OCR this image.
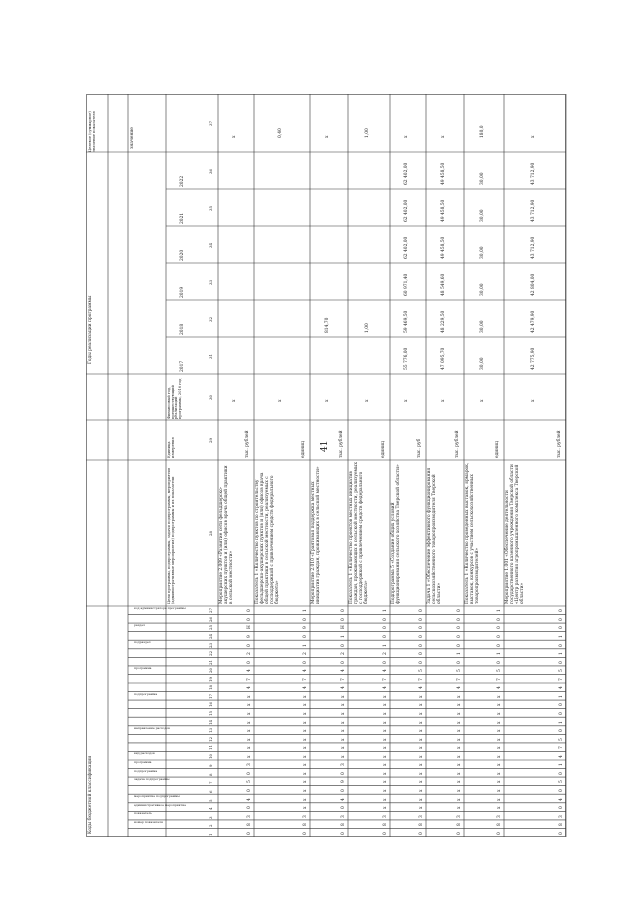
41
Коды бюджетной классификации
Годы реализации программы
Целевое (суммарное) значение показателя	значение
Цели программы, подпрограммы, задачи подпрограммы, мероприятия (административные мероприятия) подпрограммы и их показатели
Единица измерения
Финансовый год, предшествующий реализации программы, 2016 год
2017
2018
2019
2020
2021
2022
код администратора программы
раздел
подраздел
программа
подпрограмма
направление расходов
вид расходов
программа
подпрограмма
задача подпрограммы
мероприятие подпрограммы
административное мероприятие
показатель
номер показателя
1
2
3
4
5
6
7
8
9
10
11
12
13
14
15
16
17
18
19
20
21
22
23
24
25
26
27
28
29
30
31
32
33
34
35
36
37
0
8
3
0
4
0
5
0
3
х
х
х
х
х
х
х
х
4
7
4
0
2
0
9
Н
0
0
Мероприятие 2.009 «Развитие сети фельдшерско-акушерских пунктов и (или) офисов врача общей практики в сельской местности»
тыс. рублей
х
х
0
8
3
х
х
х
х
х
х
х
х
х
х
х
х
х
х
4
7
4
0
2
1
0
9
0
1
Показатель 1 «Количество пунктов по строительству фельдшерско-акушерских пунктов и (или) офисов врача общей практики в сельской местности, реализуемых с господдержкой с привлечением средств федерального бюджета»
единиц
х
0,40
0
8
3
0
4
0
9
0
3
х
х
х
х
х
х
х
х
4
7
4
0
2
0
1
Н
0
0
Мероприятие 2.010 «Грантовая поддержка местных инициатив граждан, проживающих в сельской местности»
тыс. рублей
х
814,70
х
0
8
3
х
х
х
х
х
х
х
х
х
х
х
х
х
х
4
7
4
0
2
1
0
0
0
1
Показатель 1 «Количество проектов местных инициатив граждан, проживающих в сельской местности, реализуемых с господдержкой с привлечением средств федерального бюджета»
единиц
х
1,00
1,00
0
8
3
х
х
х
х
х
х
х
х
х
х
х
х
х
х
4
7
5
0
0
0
0
0
0
0
Подпрограмма 5 «Создание общих условий функционирования сельского хозяйства Тверской области»
тыс. руб
х
55 776,00
59 469,50
60 971,40
62 402,00
62 402,00
62 402,00
х
0
8
3
х
х
х
х
х
х
х
х
х
х
х
х
х
х
4
7
5
0
1
0
0
0
0
0
Задача 1 «Обеспечение эффективного функционирования сельскохозяйственного товаропроизводителя Тверской области»
тыс. рублей
х
47 095,70
48 229,50
48 549,60
49 458,50
49 458,50
49 458,50
х
0
8
3
х
х
х
х
х
х
х
х
х
х
х
х
х
х
4
7
5
0
1
0
0
0
0
1
Показатель 1 «Количество проведенных выставок, ярмарок, выставок, конкурсов с участием сельскохозяйственных товаропроизводителей»
единиц
х
30,00
30,00
30,00
30,00
30,00
30,00
180,0
0
8
3
0
4
0
5
0
1
4
7
5
0
1
0
0
1
4
7
5
0
1
0
1
0
0
0
Мероприятие 1.001 «Обеспечение деятельности государственного казенного учреждения Тверской области «Центр развития агропромышленного комплекса Тверской области»
тыс. рублей
х
42 775,90
42 479,90
42 804,00
43 712,90
43 712,90
43 712,90
х
